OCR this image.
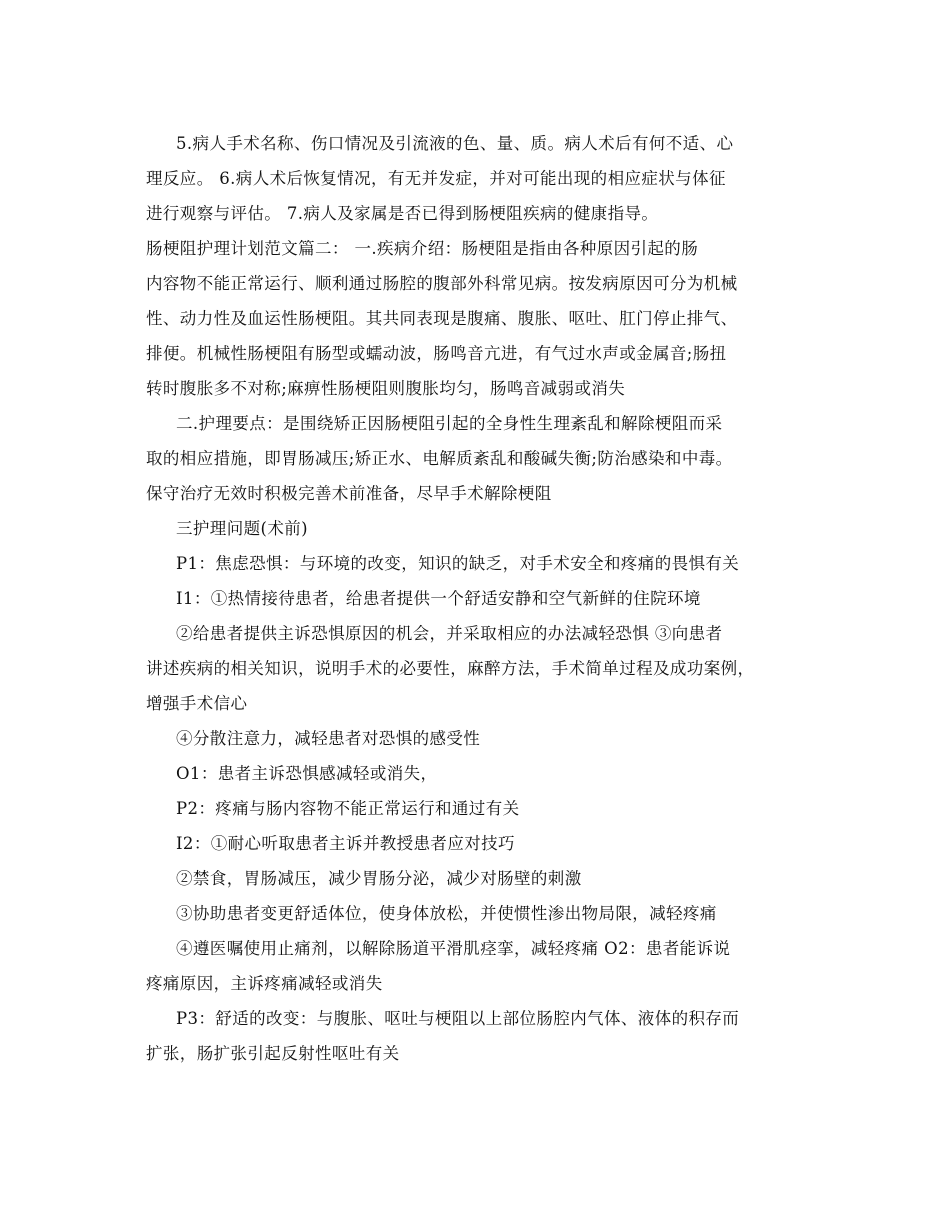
5.病人手术名称、伤口情况及引流液的色、量、质。病人术后有何不适、心
理反应。 6.病人术后恢复情况，有无并发症，并对可能出现的相应症状与体征
进行观察与评估。 7.病人及家属是否已得到肠梗阻疾病的健康指导。
肠梗阻护理计划范文篇二： 一.疾病介绍：肠梗阻是指由各种原因引起的肠
内容物不能正常运行、顺利通过肠腔的腹部外科常见病。按发病原因可分为机械
性、动力性及血运性肠梗阻。其共同表现是腹痛、腹胀、呕吐、肛门停止排气、
排便。机械性肠梗阻有肠型或蠕动波，肠鸣音亢进，有气过水声或金属音;肠扭
转时腹胀多不对称;麻痹性肠梗阻则腹胀均匀，肠鸣音减弱或消失
二.护理要点：是围绕矫正因肠梗阻引起的全身性生理紊乱和解除梗阻而采
取的相应措施，即胃肠减压;矫正水、电解质紊乱和酸碱失衡;防治感染和中毒。
保守治疗无效时积极完善术前准备，尽早手术解除梗阻
三护理问题(术前)
P1：焦虑恐惧：与环境的改变，知识的缺乏，对手术安全和疼痛的畏惧有关
I1：①热情接待患者，给患者提供一个舒适安静和空气新鲜的住院环境
②给患者提供主诉恐惧原因的机会，并采取相应的办法减轻恐惧 ③向患者
讲述疾病的相关知识，说明手术的必要性，麻醉方法，手术简单过程及成功案例，
增强手术信心
④分散注意力，减轻患者对恐惧的感受性
O1：患者主诉恐惧感减轻或消失，
P2：疼痛与肠内容物不能正常运行和通过有关
I2：①耐心听取患者主诉并教授患者应对技巧
②禁食，胃肠减压，减少胃肠分泌，减少对肠壁的刺激
③协助患者变更舒适体位，使身体放松，并使惯性渗出物局限，减轻疼痛
④遵医嘱使用止痛剂，以解除肠道平滑肌痉挛，减轻疼痛 O2：患者能诉说
疼痛原因，主诉疼痛减轻或消失
P3：舒适的改变：与腹胀、呕吐与梗阻以上部位肠腔内气体、液体的积存而
扩张，肠扩张引起反射性呕吐有关
